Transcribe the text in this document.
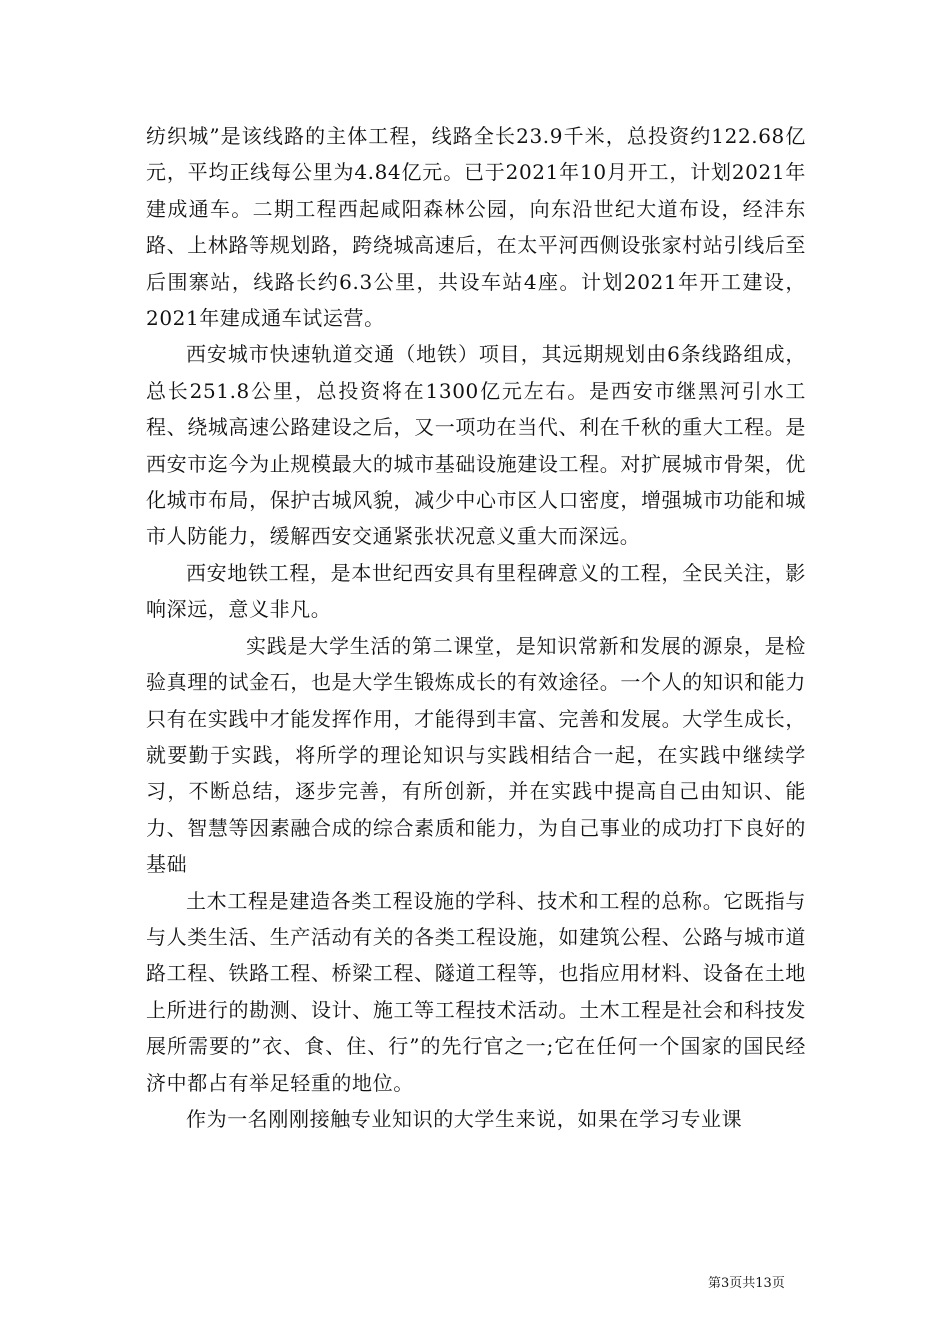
纺织城”是该线路的主体工程，线路全长23.9千米，总投资约122.68亿元，平均正线每公里为4.84亿元。已于2021年10月开工，计划2021年建成通车。二期工程西起咸阳森林公园，向东沿世纪大道布设，经沣东路、上林路等规划路，跨绕城高速后，在太平河西侧设张家村站引线后至后围寨站，线路长约6.3公里，共设车站4座。计划2021年开工建设，2021年建成通车试运营。

西安城市快速轨道交通（地铁）项目，其远期规划由6条线路组成，总长251.8公里，总投资将在1300亿元左右。是西安市继黑河引水工程、绕城高速公路建设之后，又一项功在当代、利在千秋的重大工程。是西安市迄今为止规模最大的城市基础设施建设工程。对扩展城市骨架，优化城市布局，保护古城风貌，减少中心市区人口密度，增强城市功能和城市人防能力，缓解西安交通紧张状况意义重大而深远。

西安地铁工程，是本世纪西安具有里程碑意义的工程，全民关注，影响深远，意义非凡。

实践是大学生活的第二课堂，是知识常新和发展的源泉，是检验真理的试金石，也是大学生锻炼成长的有效途径。一个人的知识和能力只有在实践中才能发挥作用，才能得到丰富、完善和发展。大学生成长，就要勤于实践，将所学的理论知识与实践相结合一起，在实践中继续学习，不断总结，逐步完善，有所创新，并在实践中提高自己由知识、能力、智慧等因素融合成的综合素质和能力，为自己事业的成功打下良好的基础

土木工程是建造各类工程设施的学科、技术和工程的总称。它既指与与人类生活、生产活动有关的各类工程设施，如建筑公程、公路与城市道路工程、铁路工程、桥梁工程、隧道工程等，也指应用材料、设备在土地上所进行的勘测、设计、施工等工程技术活动。土木工程是社会和科技发展所需要的”衣、食、住、行”的先行官之一;它在任何一个国家的国民经济中都占有举足轻重的地位。

作为一名刚刚接触专业知识的大学生来说，如果在学习专业课

第3页共13页
